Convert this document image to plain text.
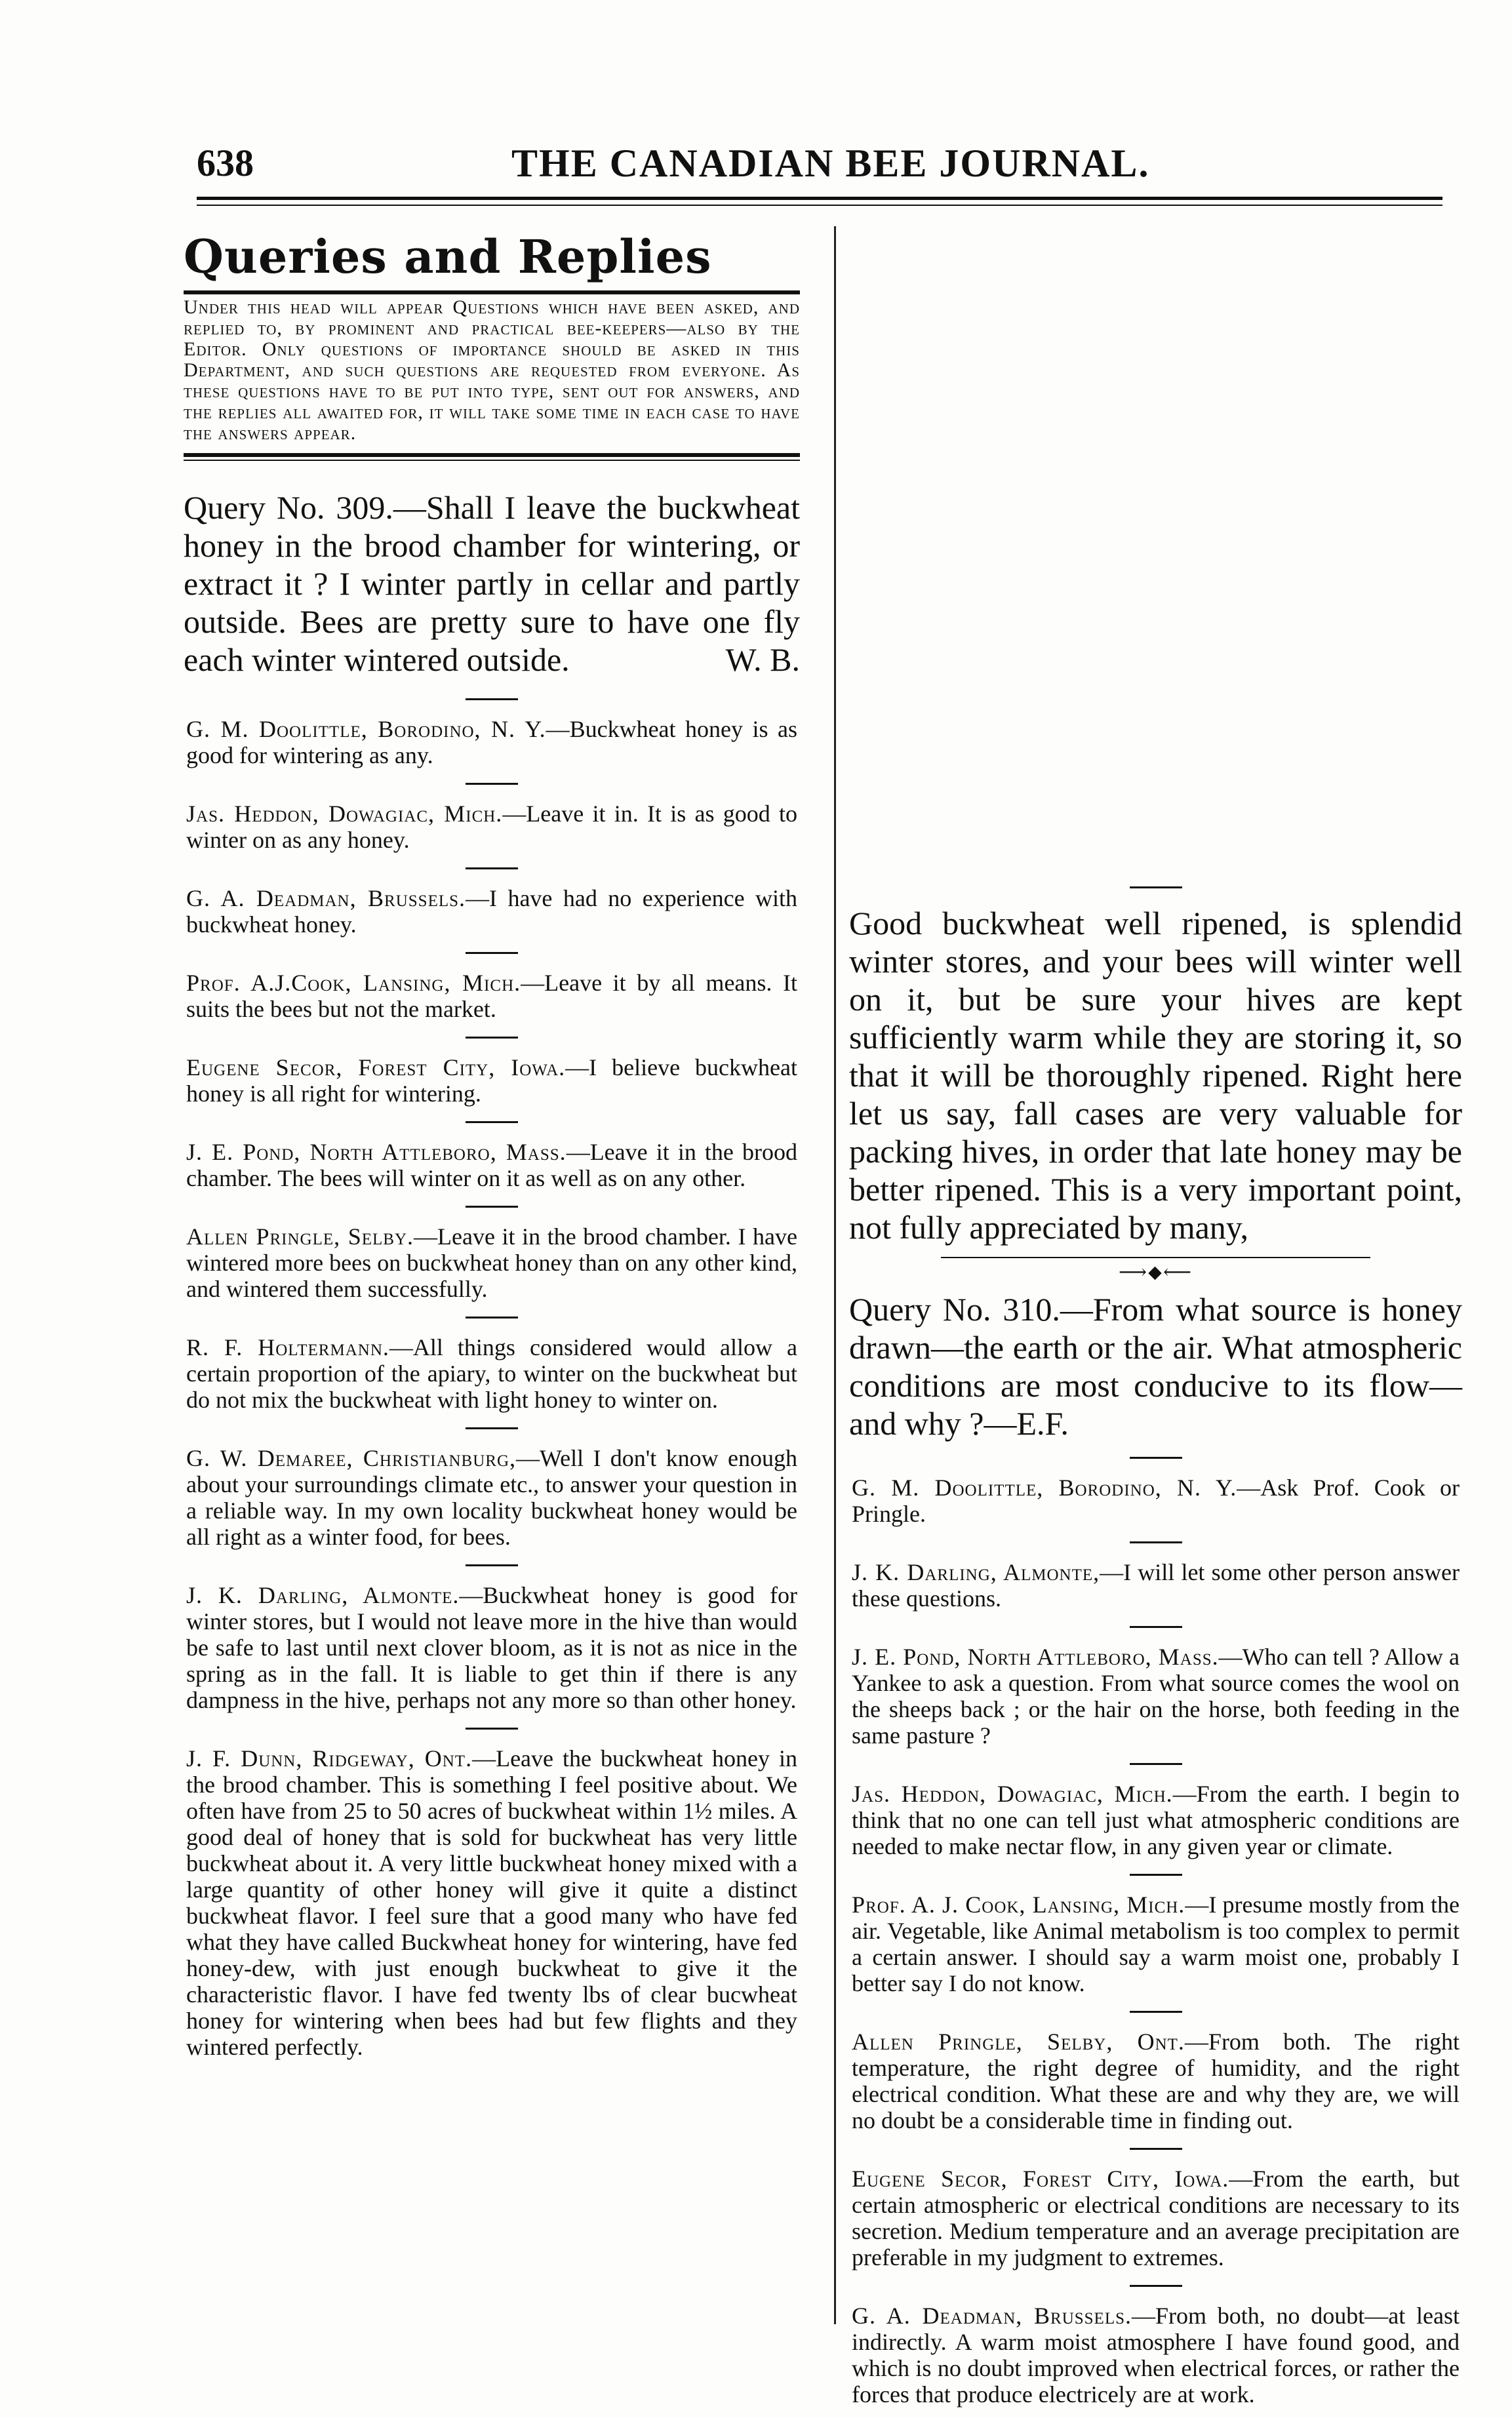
638	THE CANADIAN BEE JOURNAL.
Queries and Replies

Under this head will appear Questions which have been asked, and replied to, by prominent and practical bee-keepers—also by the Editor. Only questions of importance should be asked in this Department, and such questions are requested from everyone. As these questions have to be put into type, sent out for answers, and the replies all awaited for, it will take some time in each case to have the answers appear.

Query No. 309.—Shall I leave the buckwheat honey in the brood chamber for wintering, or extract it ? I winter partly in cellar and partly outside. Bees are pretty sure to have one fly each winter wintered outside.	W. B.

G. M. Doolittle, Borodino, N. Y.—Buckwheat honey is as good for wintering as any.

Jas. Heddon, Dowagiac, Mich.—Leave it in. It is as good to winter on as any honey.

G. A. Deadman, Brussels.—I have had no experience with buckwheat honey.

Prof. A.J.Cook, Lansing, Mich.—Leave it by all means. It suits the bees but not the market.

Eugene Secor, Forest City, Iowa.—I believe buckwheat honey is all right for wintering.

J. E. Pond, North Attleboro, Mass.—Leave it in the brood chamber. The bees will winter on it as well as on any other.

Allen Pringle, Selby.—Leave it in the brood chamber. I have wintered more bees on buckwheat honey than on any other kind, and wintered them successfully.

R. F. Holtermann.—All things considered would allow a certain proportion of the apiary, to winter on the buckwheat but do not mix the buckwheat with light honey to winter on.

G. W. Demaree, Christianburg,—Well I don't know enough about your surroundings climate etc., to answer your question in a reliable way. In my own locality buckwheat honey would be all right as a winter food, for bees.

J. K. Darling, Almonte.—Buckwheat honey is good for winter stores, but I would not leave more in the hive than would be safe to last until next clover bloom, as it is not as nice in the spring as in the fall. It is liable to get thin if there is any dampness in the hive, perhaps not any more so than other honey.

J. F. Dunn, Ridgeway, Ont.—Leave the buckwheat honey in the brood chamber. This is something I feel positive about. We often have from 25 to 50 acres of buckwheat within 1½ miles. A good deal of honey that is sold for buckwheat has very little buckwheat about it. A very little buckwheat honey mixed with a large quantity of other honey will give it quite a distinct buckwheat flavor. I feel sure that a good many who have fed what they have called Buckwheat honey for wintering, have fed honey-dew, with just enough buckwheat to give it the characteristic flavor. I have fed twenty lbs of clear bucwheat honey for wintering when bees had but few flights and they wintered perfectly.

Good buckwheat well ripened, is splendid winter stores, and your bees will winter well on it, but be sure your hives are kept sufficiently warm while they are storing it, so that it will be thoroughly ripened. Right here let us say, fall cases are very valuable for packing hives, in order that late honey may be better ripened. This is a very important point, not fully appreciated by many,

⟶⬥⟵

Query No. 310.—From what source is honey drawn—the earth or the air. What atmospheric conditions are most conducive to its flow—and why ?—E.F.

G. M. Doolittle, Borodino, N. Y.—Ask Prof. Cook or Pringle.

J. K. Darling, Almonte,—I will let some other person answer these questions.

J. E. Pond, North Attleboro, Mass.—Who can tell ? Allow a Yankee to ask a question. From what source comes the wool on the sheeps back ; or the hair on the horse, both feeding in the same pasture ?

Jas. Heddon, Dowagiac, Mich.—From the earth. I begin to think that no one can tell just what atmospheric conditions are needed to make nectar flow, in any given year or climate.

Prof. A. J. Cook, Lansing, Mich.—I presume mostly from the air. Vegetable, like Animal metabolism is too complex to permit a certain answer. I should say a warm moist one, probably I better say I do not know.

Allen Pringle, Selby, Ont.—From both. The right temperature, the right degree of humidity, and the right electrical condition. What these are and why they are, we will no doubt be a considerable time in finding out.

Eugene Secor, Forest City, Iowa.—From the earth, but certain atmospheric or electrical conditions are necessary to its secretion. Medium temperature and an average precipitation are preferable in my judgment to extremes.

G. A. Deadman, Brussels.—From both, no doubt—at least indirectly. A warm moist atmosphere I have found good, and which is no doubt improved when electrical forces, or rather the forces that produce electricely are at work.
